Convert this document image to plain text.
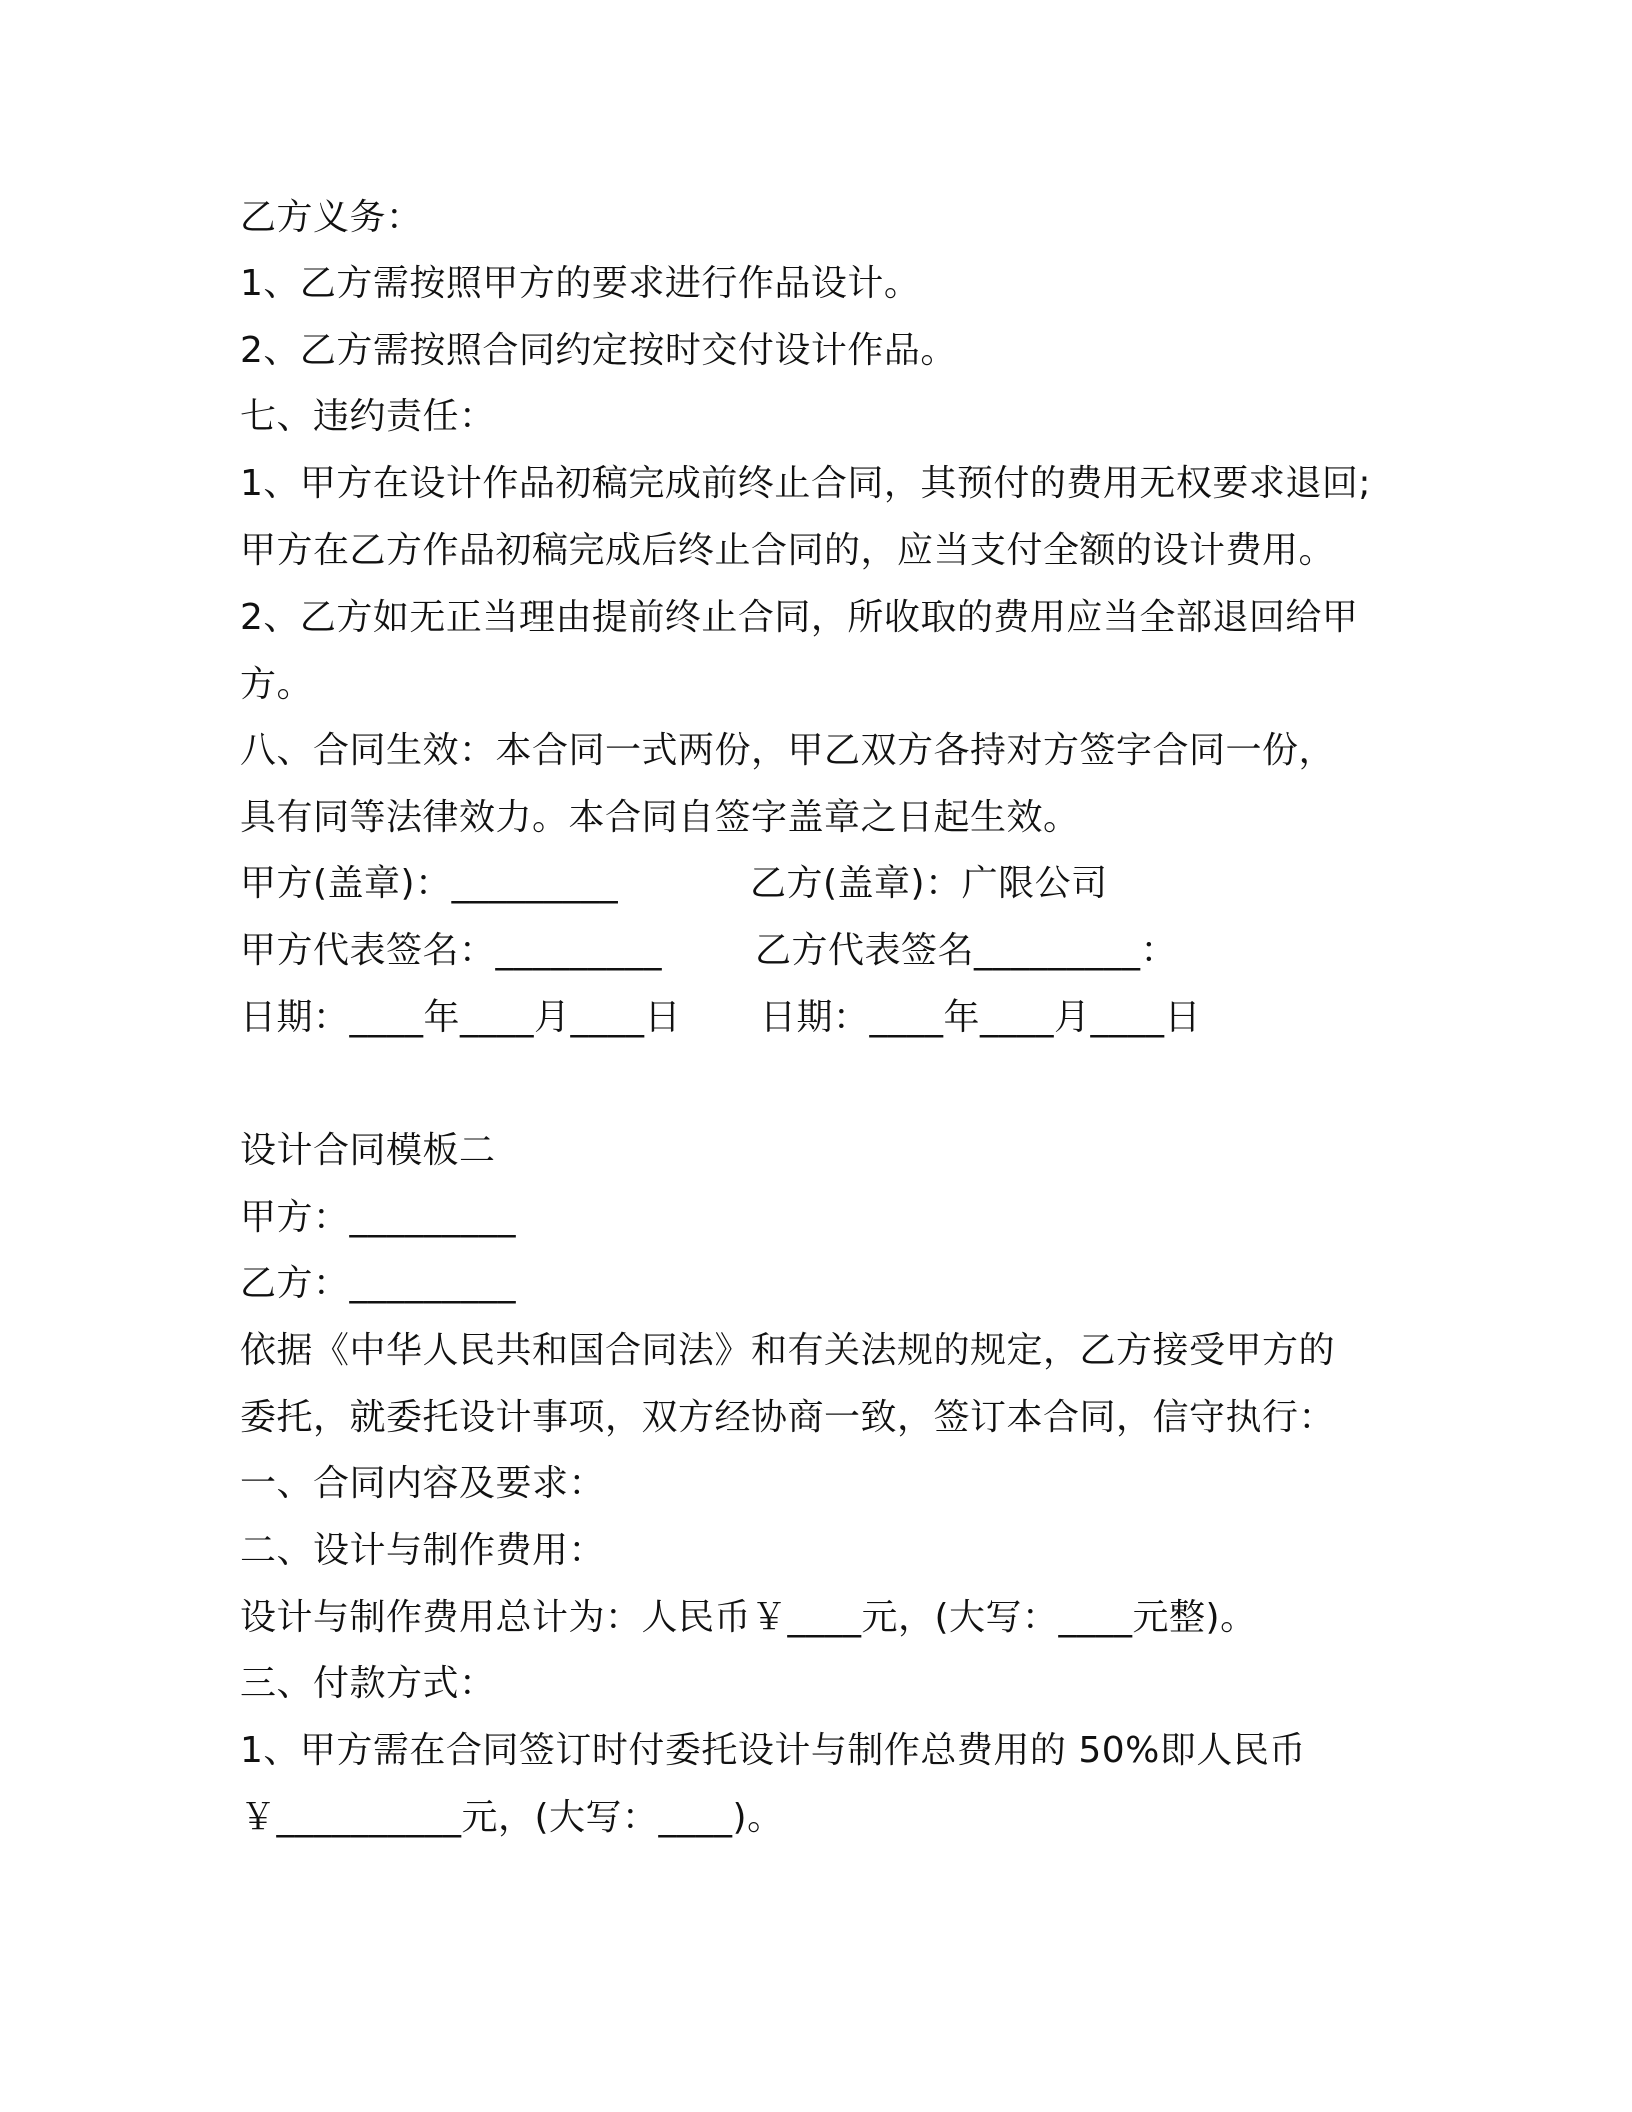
乙方义务：
1、乙方需按照甲方的要求进行作品设计。
2、乙方需按照合同约定按时交付设计作品。
七、违约责任：
1、甲方在设计作品初稿完成前终止合同，其预付的费用无权要求退回;
甲方在乙方作品初稿完成后终止合同的，应当支付全额的设计费用。
2、乙方如无正当理由提前终止合同，所收取的费用应当全部退回给甲
方。
八、合同生效：本合同一式两份，甲乙双方各持对方签字合同一份，
具有同等法律效力。本合同自签字盖章之日起生效。
甲方(盖章)：_________	乙方(盖章)：广限公司
甲方代表签名：_________	乙方代表签名_________：
日期：____年____月____日 日期：____年____月____日
设计合同模板二
甲方：_________
乙方：_________
依据《中华人民共和国合同法》和有关法规的规定，乙方接受甲方的
委托，就委托设计事项，双方经协商一致，签订本合同，信守执行：
一、合同内容及要求：
二、设计与制作费用：
设计与制作费用总计为：人民币￥____元，(大写：____元整)。
三、付款方式：
1、甲方需在合同签订时付委托设计与制作总费用的 50%即人民币
￥__________元，(大写：____)。
